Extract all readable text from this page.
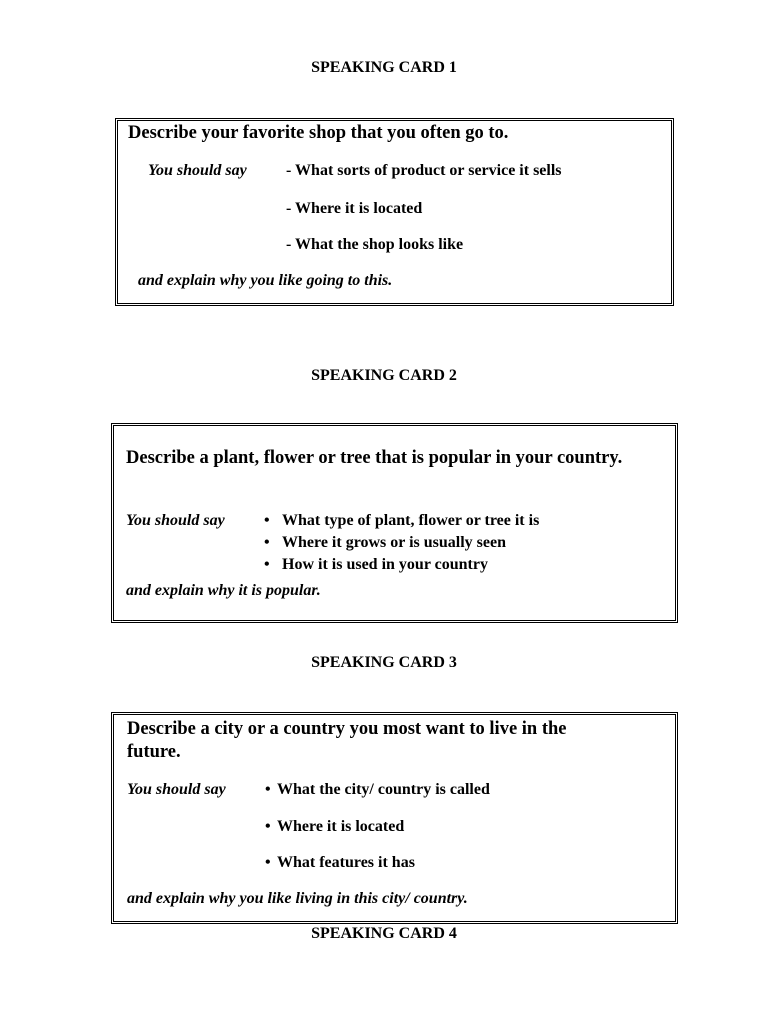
SPEAKING CARD 1
Describe your favorite shop that you often go to.
You should say - What sorts of product or service it sells
- Where it is located
- What the shop looks like
and explain why you like going to this.
SPEAKING CARD 2
Describe a plant, flower or tree that is popular in your country.
You should say • What type of plant, flower or tree it is
• Where it grows or is usually seen
• How it is used in your country
and explain why it is popular.
SPEAKING CARD 3
Describe a city or a country you most want to live in the future.
You should say • What the city/ country is called
• Where it is located
• What features it has
and explain why you like living in this city/ country.
SPEAKING CARD 4
